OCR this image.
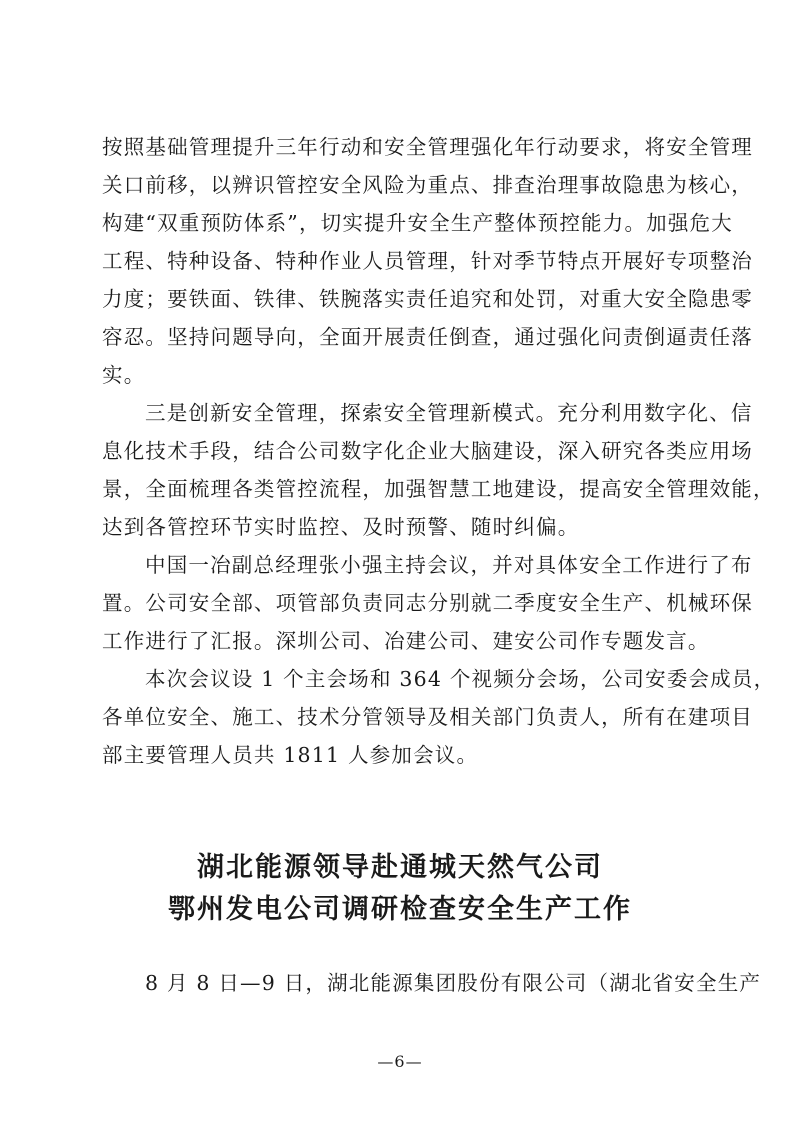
按照基础管理提升三年行动和安全管理强化年行动要求，将安全管理
关口前移，以辨识管控安全风险为重点、排查治理事故隐患为核心，
构建“双重预防体系”，切实提升安全生产整体预控能力。加强危大
工程、特种设备、特种作业人员管理，针对季节特点开展好专项整治
力度；要铁面、铁律、铁腕落实责任追究和处罚，对重大安全隐患零
容忍。坚持问题导向，全面开展责任倒查，通过强化问责倒逼责任落
实。
三是创新安全管理，探索安全管理新模式。充分利用数字化、信
息化技术手段，结合公司数字化企业大脑建设，深入研究各类应用场
景，全面梳理各类管控流程，加强智慧工地建设，提高安全管理效能，
达到各管控环节实时监控、及时预警、随时纠偏。
中国一冶副总经理张小强主持会议，并对具体安全工作进行了布
置。公司安全部、项管部负责同志分别就二季度安全生产、机械环保
工作进行了汇报。深圳公司、冶建公司、建安公司作专题发言。
本次会议设 1 个主会场和 364 个视频分会场，公司安委会成员，
各单位安全、施工、技术分管领导及相关部门负责人，所有在建项目
部主要管理人员共 1811 人参加会议。
湖北能源领导赴通城天然气公司
鄂州发电公司调研检查安全生产工作
8 月 8 日—9 日，湖北能源集团股份有限公司（湖北省安全生产
—6—
